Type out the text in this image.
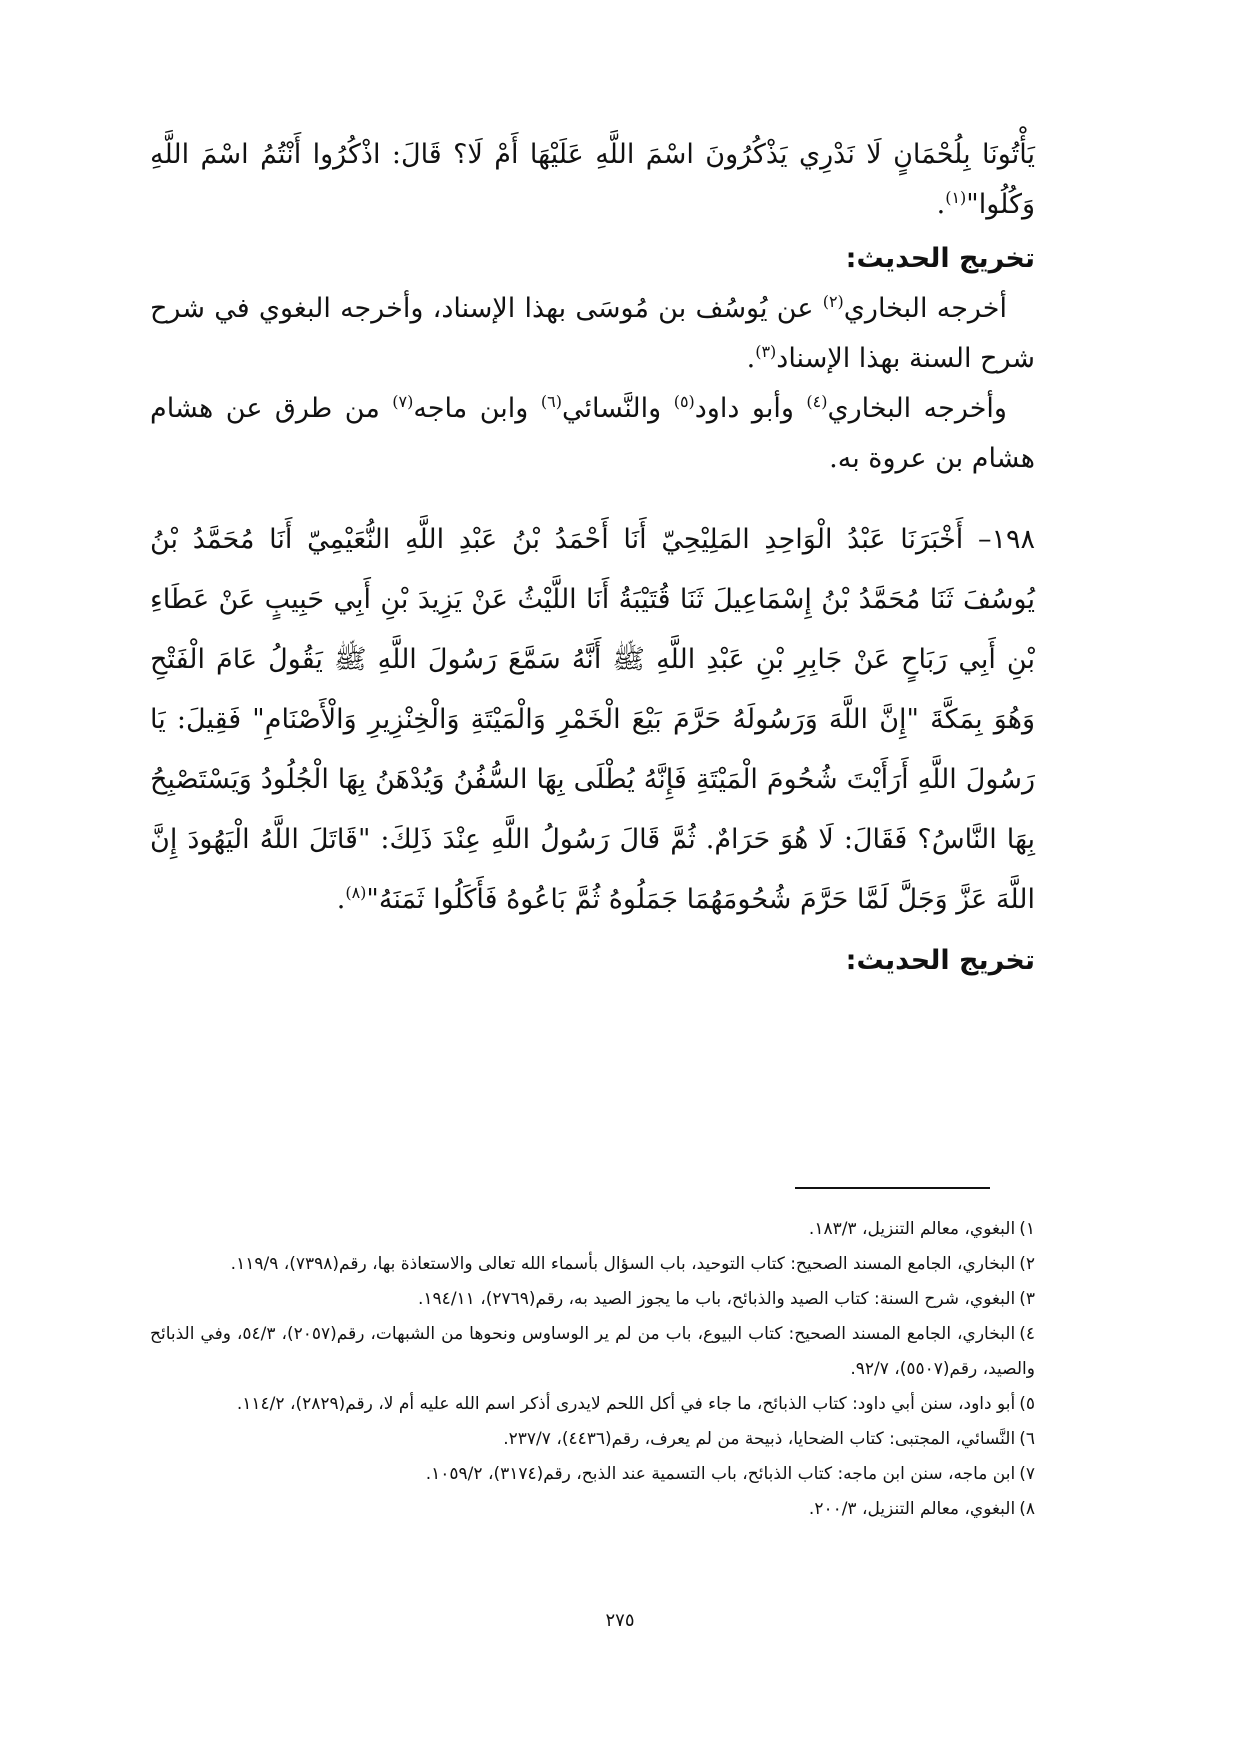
يَأْتُونَا بِلُحْمَانٍ لَا نَدْرِي يَذْكُرُونَ اسْمَ اللَّهِ عَلَيْهَا أَمْ لَا؟ قَالَ: اذْكُرُوا أَنْتُمُ اسْمَ اللَّهِ وَكُلُوا"$^{(١)}$.

تخريج الحديث:

أخرجه البخاري$^{(٢)}$ عن يُوسُف بن مُوسَى بهذا الإسناد، وأخرجه البغوي في شرح شرح السنة بهذا الإسناد$^{(٣)}$.

وأخرجه البخاري$^{(٤)}$ وأبو داود$^{(٥)}$ والنَّسائي$^{(٦)}$ وابن ماجه$^{(٧)}$ من طرق عن هشام هشام بن عروة به.

١٩٨– أَخْبَرَنَا عَبْدُ الْوَاحِدِ المَلِيْحِيّ أَنَا أَحْمَدُ بْنُ عَبْدِ اللَّهِ النُّعَيْمِيّ أَنَا مُحَمَّدُ بْنُ يُوسُفَ ثَنَا مُحَمَّدُ بْنُ إِسْمَاعِيلَ ثَنَا قُتَيْبَةُ أَنَا اللَّيْثُ عَنْ يَزِيدَ بْنِ أَبِي حَبِيبٍ عَنْ عَطَاءِ بْنِ أَبِي رَبَاحٍ عَنْ جَابِرِ بْنِ عَبْدِ اللَّهِ ﷺ أَنَّهُ سَمَّعَ رَسُولَ اللَّهِ ﷺ يَقُولُ عَامَ الْفَتْحِ وَهُوَ بِمَكَّةَ "إِنَّ اللَّهَ وَرَسُولَهُ حَرَّمَ بَيْعَ الْخَمْرِ وَالْمَيْتَةِ وَالْخِنْزِيرِ وَالْأَصْنَامِ" فَقِيلَ: يَا رَسُولَ اللَّهِ أَرَأَيْتَ شُحُومَ الْمَيْتَةِ فَإِنَّهُ يُطْلَى بِهَا السُّفُنُ وَيُدْهَنُ بِهَا الْجُلُودُ وَيَسْتَصْبِحُ بِهَا النَّاسُ؟ فَقَالَ: لَا هُوَ حَرَامٌ. ثُمَّ قَالَ رَسُولُ اللَّهِ عِنْدَ ذَلِكَ: "قَاتَلَ اللَّهُ الْيَهُودَ إِنَّ اللَّهَ عَزَّ وَجَلَّ لَمَّا حَرَّمَ شُحُومَهُمَا جَمَلُوهُ ثُمَّ بَاعُوهُ فَأَكَلُوا ثَمَنَهُ"$^{(٨)}$.

تخريج الحديث:

١)البغوي، معالم التنزيل، ١٨٣/٣.

٢)البخاري، الجامع المسند الصحيح: كتاب التوحيد، باب السؤال بأسماء الله تعالى والاستعاذة بها، رقم(٧٣٩٨)، ١١٩/٩.

٣)البغوي، شرح السنة: كتاب الصيد والذبائح، باب ما يجوز الصيد به، رقم(٢٧٦٩)، ١٩٤/١١.

٤)البخاري، الجامع المسند الصحيح: كتاب البيوع، باب من لم ير الوساوس ونحوها من الشبهات، رقم(٢٠٥٧)، ٥٤/٣، وفي الذبائح والصيد، رقم(٥٥٠٧)، ٩٢/٧.

٥)أبو داود، سنن أبي داود: كتاب الذبائح، ما جاء في أكل اللحم لايدرى أذكر اسم الله عليه أم لا، رقم(٢٨٢٩)، ١١٤/٢.

٦)النَّسائي، المجتبى: كتاب الضحايا، ذبيحة من لم يعرف، رقم(٤٤٣٦)، ٢٣٧/٧.

٧)ابن ماجه، سنن ابن ماجه: كتاب الذبائح، باب التسمية عند الذبح، رقم(٣١٧٤)، ١٠٥٩/٢.

٨)البغوي، معالم التنزيل، ٢٠٠/٣.

٢٧٥
